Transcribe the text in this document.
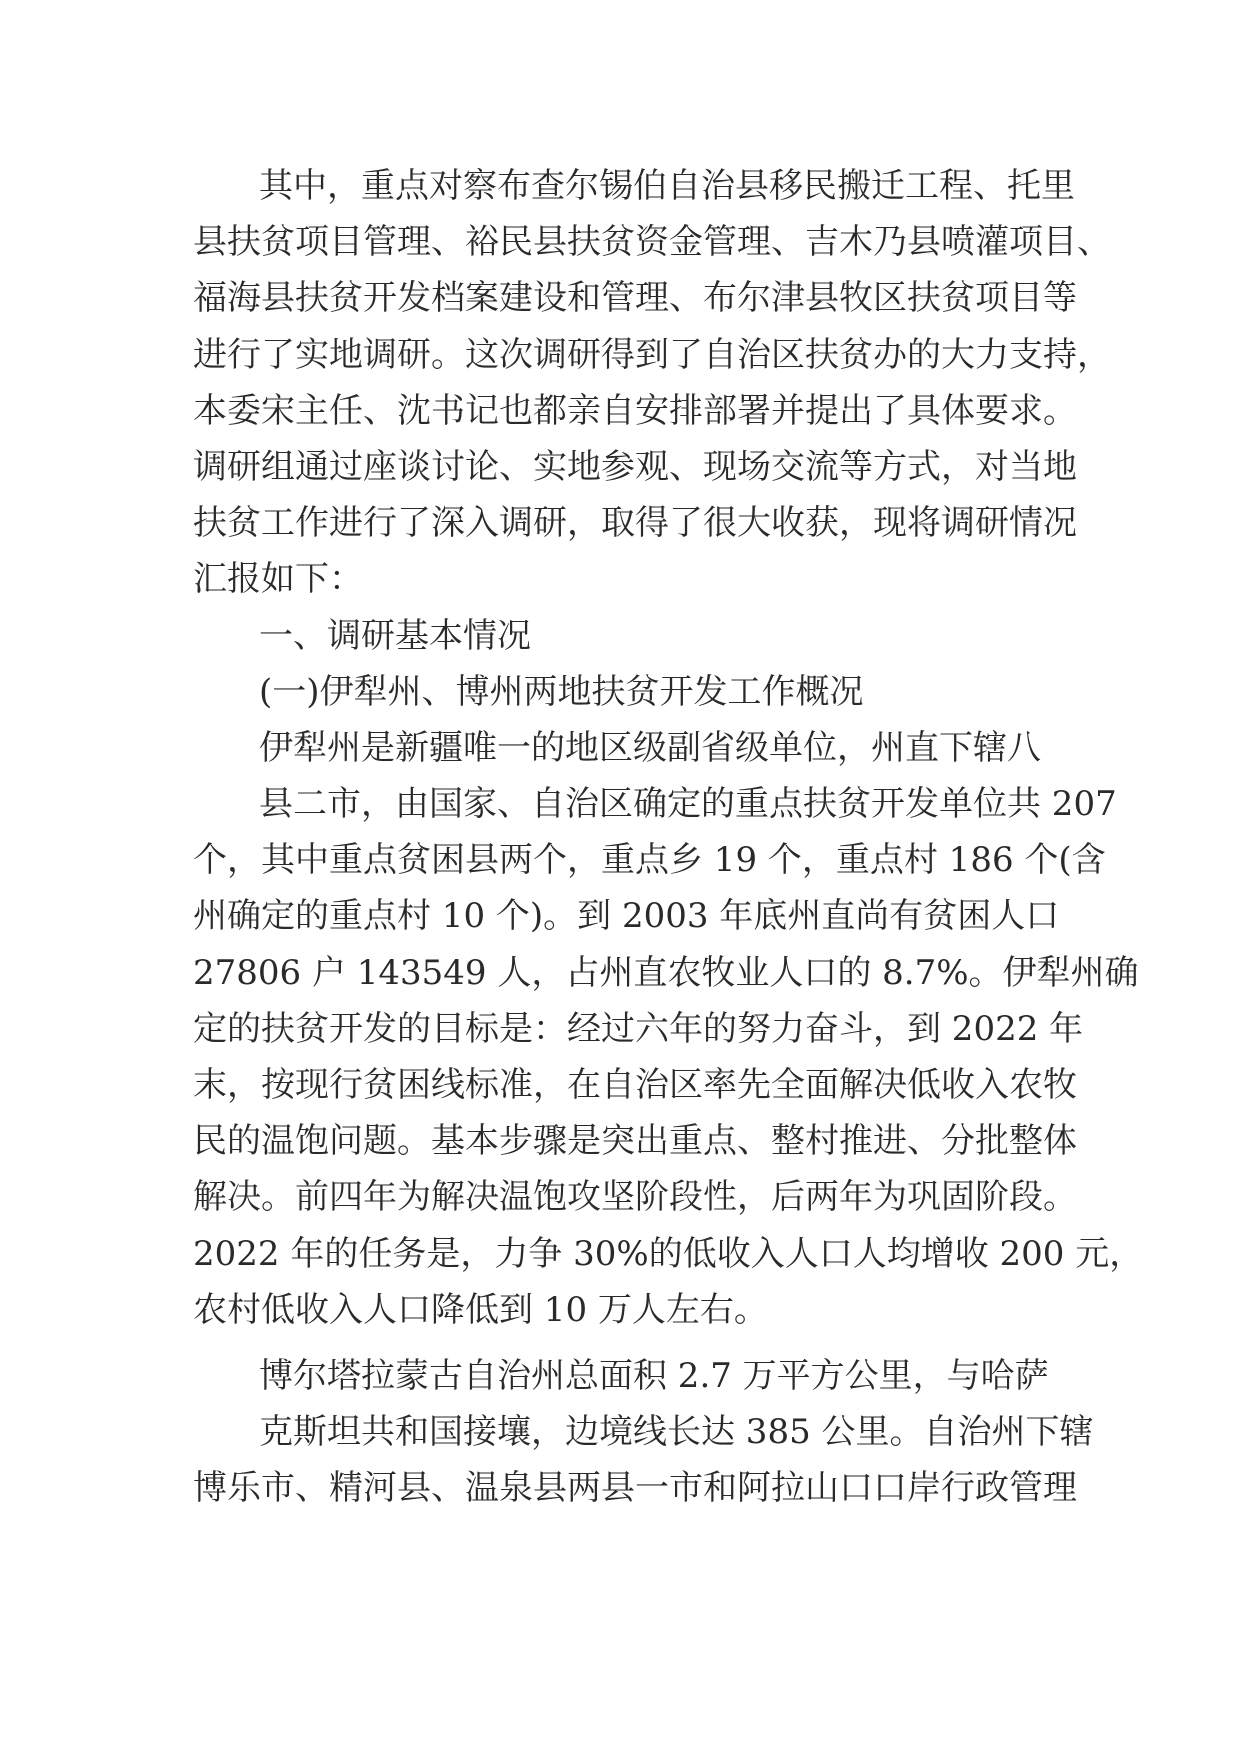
其中，重点对察布查尔锡伯自治县移民搬迁工程、托里
县扶贫项目管理、裕民县扶贫资金管理、吉木乃县喷灌项目、
福海县扶贫开发档案建设和管理、布尔津县牧区扶贫项目等
进行了实地调研。这次调研得到了自治区扶贫办的大力支持，
本委宋主任、沈书记也都亲自安排部署并提出了具体要求。
调研组通过座谈讨论、实地参观、现场交流等方式，对当地
扶贫工作进行了深入调研，取得了很大收获，现将调研情况
汇报如下：
一、调研基本情况
(一)伊犁州、博州两地扶贫开发工作概况
伊犁州是新疆唯一的地区级副省级单位，州直下辖八
县二市，由国家、自治区确定的重点扶贫开发单位共 207
个，其中重点贫困县两个，重点乡 19 个，重点村 186 个(含
州确定的重点村 10 个)。到 2003 年底州直尚有贫困人口
27806 户 143549 人，占州直农牧业人口的 8.7%。伊犁州确
定的扶贫开发的目标是：经过六年的努力奋斗，到 2022 年
末，按现行贫困线标准，在自治区率先全面解决低收入农牧
民的温饱问题。基本步骤是突出重点、整村推进、分批整体
解决。前四年为解决温饱攻坚阶段性，后两年为巩固阶段。
2022 年的任务是，力争 30%的低收入人口人均增收 200 元，
农村低收入人口降低到 10 万人左右。
博尔塔拉蒙古自治州总面积 2.7 万平方公里，与哈萨
克斯坦共和国接壤，边境线长达 385 公里。自治州下辖
博乐市、精河县、温泉县两县一市和阿拉山口口岸行政管理
